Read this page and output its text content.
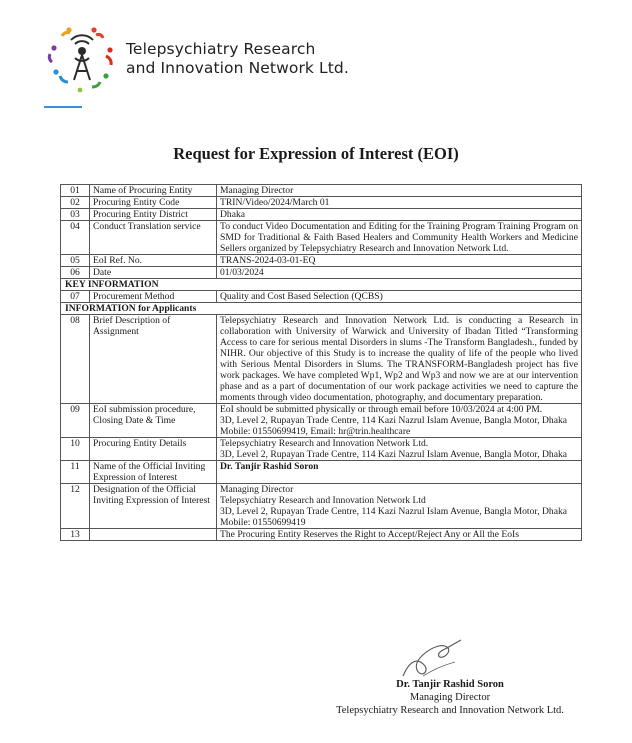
Telepsychiatry Research
and Innovation Network Ltd.
Request for Expression of Interest (EOI)
01	Name of Procuring Entity	Managing Director
02	Procuring Entity Code	TRIN/Video/2024/March 01
03	Procuring Entity District	Dhaka
04	Conduct Translation service	To conduct Video Documentation and Editing for the Training Program Training Program on SMD for Traditional & Faith Based Healers and Community Health Workers and Medicine Sellers organized by Telepsychiatry Research and Innovation Network Ltd.
05	EoI Ref. No.	TRANS-2024-03-01-EQ
06	Date	01/03/2024
KEY INFORMATION		
07	Procurement Method	Quality and Cost Based Selection (QCBS)
INFORMATION for Applicants		
08	Brief Description of Assignment	Telepsychiatry Research and Innovation Network Ltd. is conducting a Research in collaboration with University of Warwick and University of Ibadan Titled “Transforming Access to care for serious mental Disorders in slums -The Transform Bangladesh., funded by NIHR. Our objective of this Study is to increase the quality of life of the people who lived with Serious Mental Disorders in Slums. The TRANSFORM-Bangladesh project has five work packages. We have completed Wp1, Wp2 and Wp3 and now we are at our intervention phase and as a part of documentation of our work package activities we need to capture the moments through video documentation, photography, and documentary preparation.
09	EoI submission procedure, Closing Date & Time	EoI should be submitted physically or through email before 10/03/2024 at 4:00 PM.
3D, Level 2, Rupayan Trade Centre, 114 Kazi Nazrul Islam Avenue, Bangla Motor, Dhaka
Mobile: 01550699419, Email: hr@trin.healthcare

10	Procuring Entity Details	Telepsychiatry Research and Innovation Network Ltd.
3D, Level 2, Rupayan Trade Centre, 114 Kazi Nazrul Islam Avenue, Bangla Motor, Dhaka

11	Name of the Official Inviting Expression of Interest	Dr. Tanjir Rashid Soron
12	Designation of the Official Inviting Expression of Interest	Managing Director
Telepsychiatry Research and Innovation Network Ltd
3D, Level 2, Rupayan Trade Centre, 114 Kazi Nazrul Islam Avenue, Bangla Motor, Dhaka
Mobile: 01550699419

13		The Procuring Entity Reserves the Right to Accept/Reject Any or All the EoIs
Dr. Tanjir Rashid Soron
Managing Director
Telepsychiatry Research and Innovation Network Ltd.
